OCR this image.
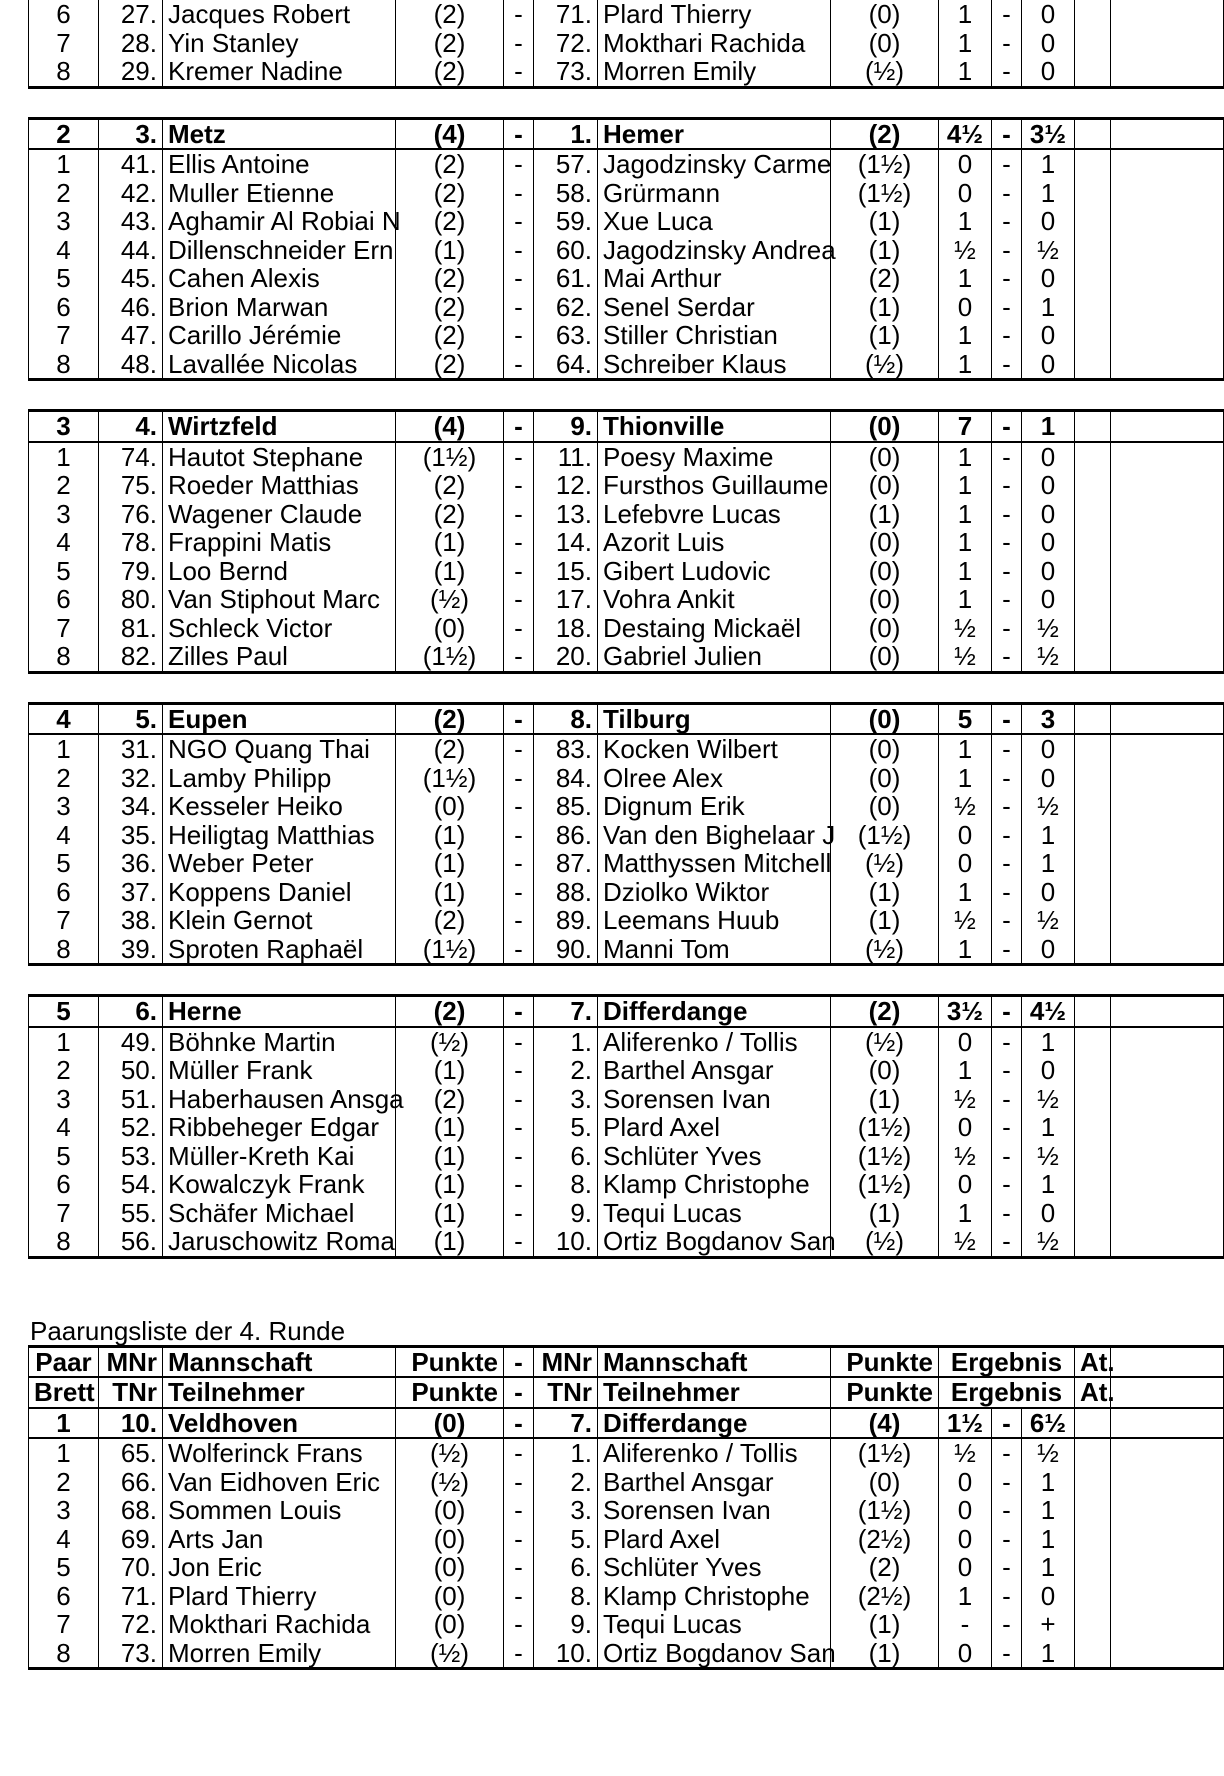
6	27.	Jacques Robert	(2)	-	71.	Plard Thierry	(0)	1	-	0		
7	28.	Yin Stanley	(2)	-	72.	Mokthari Rachida	(0)	1	-	0		
8	29.	Kremer Nadine	(2)	-	73.	Morren Emily	(½)	1	-	0		
2	3.	Metz	(4)	-	1.	Hemer	(2)	4½	-	3½		
1	41.	Ellis Antoine	(2)	-	57.	Jagodzinsky Carme	(1½)	0	-	1		
2	42.	Muller Etienne	(2)	-	58.	Grürmann	(1½)	0	-	1		
3	43.	Aghamir Al Robiai N	(2)	-	59.	Xue Luca	(1)	1	-	0		
4	44.	Dillenschneider Ern	(1)	-	60.	Jagodzinsky Andrea	(1)	½	-	½		
5	45.	Cahen Alexis	(2)	-	61.	Mai Arthur	(2)	1	-	0		
6	46.	Brion Marwan	(2)	-	62.	Senel Serdar	(1)	0	-	1		
7	47.	Carillo Jérémie	(2)	-	63.	Stiller Christian	(1)	1	-	0		
8	48.	Lavallée Nicolas	(2)	-	64.	Schreiber Klaus	(½)	1	-	0		
3	4.	Wirtzfeld	(4)	-	9.	Thionville	(0)	7	-	1		
1	74.	Hautot Stephane	(1½)	-	11.	Poesy Maxime	(0)	1	-	0		
2	75.	Roeder Matthias	(2)	-	12.	Fursthos Guillaume	(0)	1	-	0		
3	76.	Wagener Claude	(2)	-	13.	Lefebvre Lucas	(1)	1	-	0		
4	78.	Frappini Matis	(1)	-	14.	Azorit Luis	(0)	1	-	0		
5	79.	Loo Bernd	(1)	-	15.	Gibert Ludovic	(0)	1	-	0		
6	80.	Van Stiphout Marc	(½)	-	17.	Vohra Ankit	(0)	1	-	0		
7	81.	Schleck Victor	(0)	-	18.	Destaing Mickaël	(0)	½	-	½		
8	82.	Zilles Paul	(1½)	-	20.	Gabriel Julien	(0)	½	-	½		
4	5.	Eupen	(2)	-	8.	Tilburg	(0)	5	-	3		
1	31.	NGO Quang Thai	(2)	-	83.	Kocken Wilbert	(0)	1	-	0		
2	32.	Lamby Philipp	(1½)	-	84.	Olree Alex	(0)	1	-	0		
3	34.	Kesseler Heiko	(0)	-	85.	Dignum Erik	(0)	½	-	½		
4	35.	Heiligtag Matthias	(1)	-	86.	Van den Bighelaar J	(1½)	0	-	1		
5	36.	Weber Peter	(1)	-	87.	Matthyssen Mitchell	(½)	0	-	1		
6	37.	Koppens Daniel	(1)	-	88.	Dziolko Wiktor	(1)	1	-	0		
7	38.	Klein Gernot	(2)	-	89.	Leemans Huub	(1)	½	-	½		
8	39.	Sproten Raphaël	(1½)	-	90.	Manni Tom	(½)	1	-	0		
5	6.	Herne	(2)	-	7.	Differdange	(2)	3½	-	4½		
1	49.	Böhnke Martin	(½)	-	1.	Aliferenko / Tollis	(½)	0	-	1		
2	50.	Müller Frank	(1)	-	2.	Barthel Ansgar	(0)	1	-	0		
3	51.	Haberhausen Ansga	(2)	-	3.	Sorensen Ivan	(1)	½	-	½		
4	52.	Ribbeheger Edgar	(1)	-	5.	Plard Axel	(1½)	0	-	1		
5	53.	Müller-Kreth Kai	(1)	-	6.	Schlüter Yves	(1½)	½	-	½		
6	54.	Kowalczyk Frank	(1)	-	8.	Klamp Christophe	(1½)	0	-	1		
7	55.	Schäfer Michael	(1)	-	9.	Tequi Lucas	(1)	1	-	0		
8	56.	Jaruschowitz Roma	(1)	-	10.	Ortiz Bogdanov San	(½)	½	-	½		
Paarungsliste der 4. Runde
Paar	MNr	Mannschaft	Punkte	-	MNr	Mannschaft	Punkte	Ergebnis			At.	
Brett	TNr	Teilnehmer	Punkte	-	TNr	Teilnehmer	Punkte	Ergebnis			At.	
1	10.	Veldhoven	(0)	-	7.	Differdange	(4)	1½	-	6½		
1	65.	Wolferinck Frans	(½)	-	1.	Aliferenko / Tollis	(1½)	½	-	½		
2	66.	Van Eidhoven Eric	(½)	-	2.	Barthel Ansgar	(0)	0	-	1		
3	68.	Sommen Louis	(0)	-	3.	Sorensen Ivan	(1½)	0	-	1		
4	69.	Arts Jan	(0)	-	5.	Plard Axel	(2½)	0	-	1		
5	70.	Jon Eric	(0)	-	6.	Schlüter Yves	(2)	0	-	1		
6	71.	Plard Thierry	(0)	-	8.	Klamp Christophe	(2½)	1	-	0		
7	72.	Mokthari Rachida	(0)	-	9.	Tequi Lucas	(1)	-	-	+		
8	73.	Morren Emily	(½)	-	10.	Ortiz Bogdanov San	(1)	0	-	1		
